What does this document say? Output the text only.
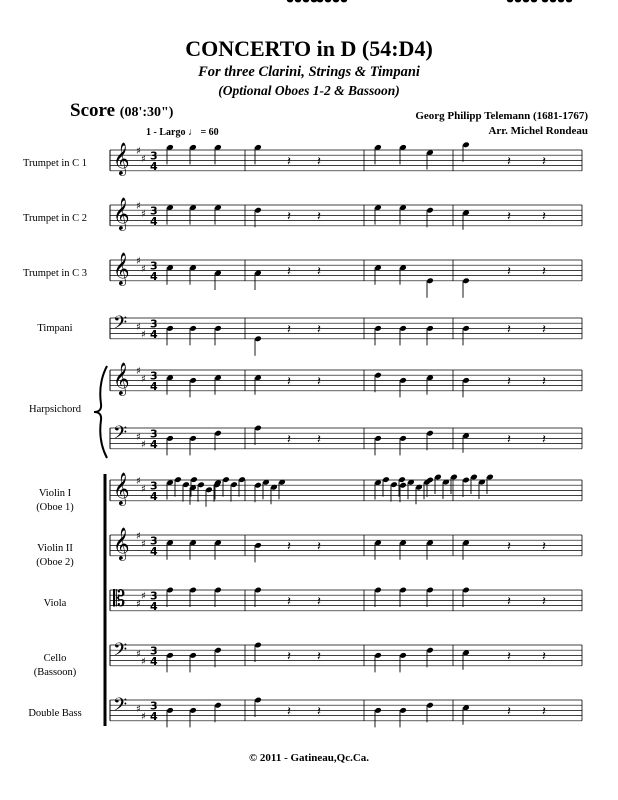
CONCERTO in D (54:D4)
For three Clarini, Strings & Timpani
(Optional Oboes 1-2 & Bassoon)
Score (08':30")	Georg Philipp Telemann (1681-1767)
Arr. Michel Rondeau
1 - Largo ♩ = 60
Trumpet in C 1
Trumpet in C 2
Trumpet in C 3
Timpani
Harpsichord
Violin I
(Oboe 1)
Violin II
(Oboe 2)
Viola
Cello
(Bassoon)
Double Bass
𝄞 ♯
♯ 3
4
𝄞 ♯
♯ 3
4
𝄞 ♯
♯ 3
4
𝄢 ♯
♯
3
4
𝄞 ♯
♯ 3
4
𝄢 ♯
♯
3
4
𝄞 ♯
♯ 3
4
𝄞 ♯
♯ 3
4
𝄡 ♯
♯ 3
4
𝄢 ♯
♯
3
4
𝄢 ♯
♯
3
4
𝄽 𝄽	𝄽 𝄽
𝄽 𝄽	𝄽 𝄽
𝄽 𝄽	𝄽 𝄽
𝄽 𝄽	𝄽 𝄽
𝄽 𝄽	𝄽 𝄽
𝄽 𝄽	𝄽 𝄽
𝄽 𝄽	𝄽 𝄽
𝄽 𝄽	𝄽 𝄽
𝄽 𝄽	𝄽 𝄽
𝄽 𝄽	𝄽 𝄽
© 2011 - Gatineau,Qc.Ca.
